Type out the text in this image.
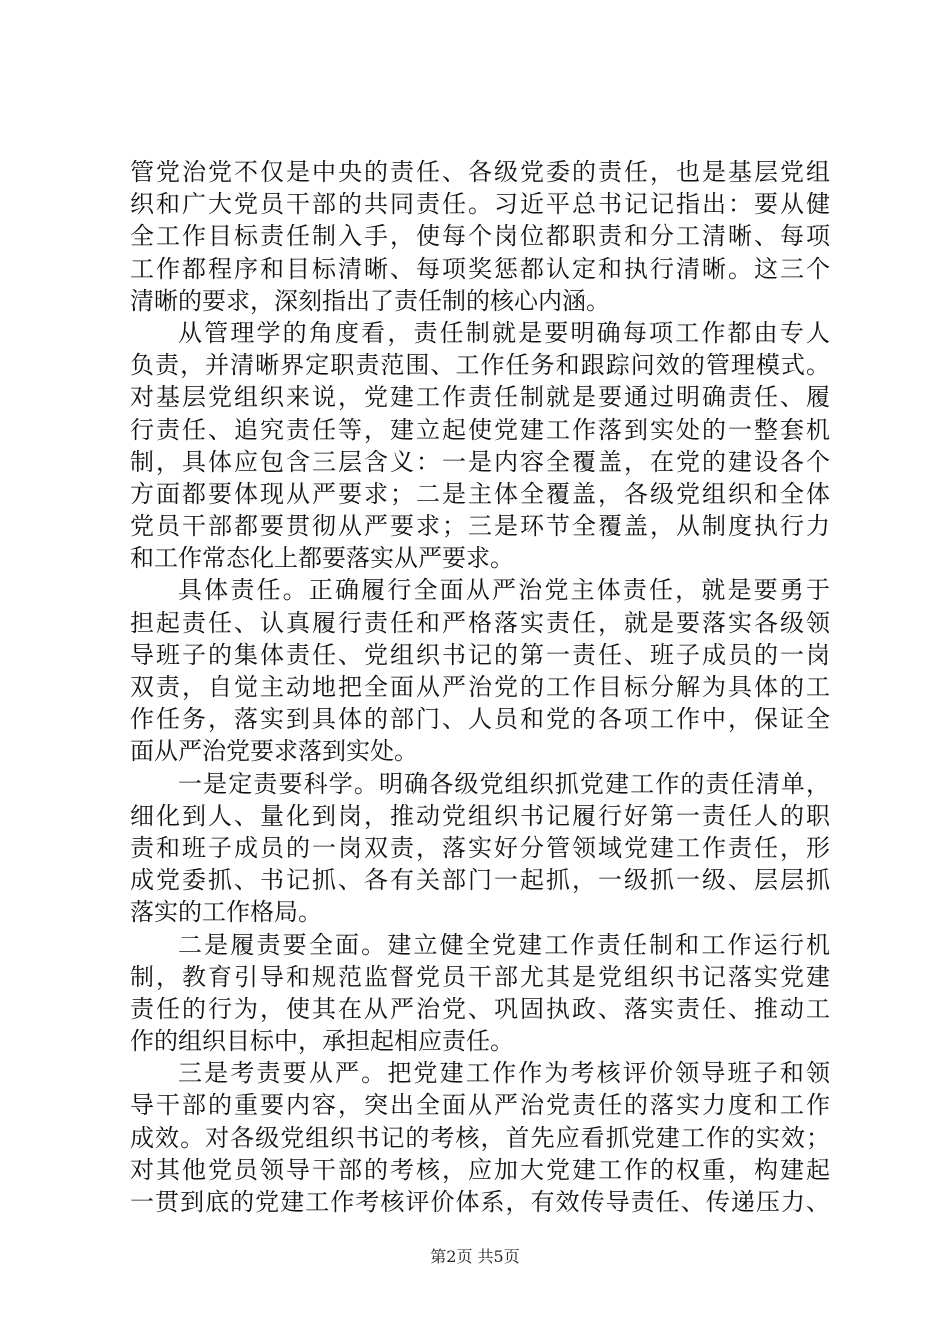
管党治党不仅是中央的责任、各级党委的责任，也是基层党组
织和广大党员干部的共同责任。习近平总书记记指出：要从健
全工作目标责任制入手，使每个岗位都职责和分工清晰、每项
工作都程序和目标清晰、每项奖惩都认定和执行清晰。这三个
清晰的要求，深刻指出了责任制的核心内涵。
从管理学的角度看，责任制就是要明确每项工作都由专人
负责，并清晰界定职责范围、工作任务和跟踪问效的管理模式。
对基层党组织来说，党建工作责任制就是要通过明确责任、履
行责任、追究责任等，建立起使党建工作落到实处的一整套机
制，具体应包含三层含义：一是内容全覆盖，在党的建设各个
方面都要体现从严要求；二是主体全覆盖，各级党组织和全体
党员干部都要贯彻从严要求；三是环节全覆盖，从制度执行力
和工作常态化上都要落实从严要求。
具体责任。正确履行全面从严治党主体责任，就是要勇于
担起责任、认真履行责任和严格落实责任，就是要落实各级领
导班子的集体责任、党组织书记的第一责任、班子成员的一岗
双责，自觉主动地把全面从严治党的工作目标分解为具体的工
作任务，落实到具体的部门、人员和党的各项工作中，保证全
面从严治党要求落到实处。
一是定责要科学。明确各级党组织抓党建工作的责任清单，
细化到人、量化到岗，推动党组织书记履行好第一责任人的职
责和班子成员的一岗双责，落实好分管领域党建工作责任，形
成党委抓、书记抓、各有关部门一起抓，一级抓一级、层层抓
落实的工作格局。
二是履责要全面。建立健全党建工作责任制和工作运行机
制，教育引导和规范监督党员干部尤其是党组织书记落实党建
责任的行为，使其在从严治党、巩固执政、落实责任、推动工
作的组织目标中，承担起相应责任。
三是考责要从严。把党建工作作为考核评价领导班子和领
导干部的重要内容，突出全面从严治党责任的落实力度和工作
成效。对各级党组织书记的考核，首先应看抓党建工作的实效；
对其他党员领导干部的考核，应加大党建工作的权重，构建起
一贯到底的党建工作考核评价体系，有效传导责任、传递压力、
第2页 共5页
